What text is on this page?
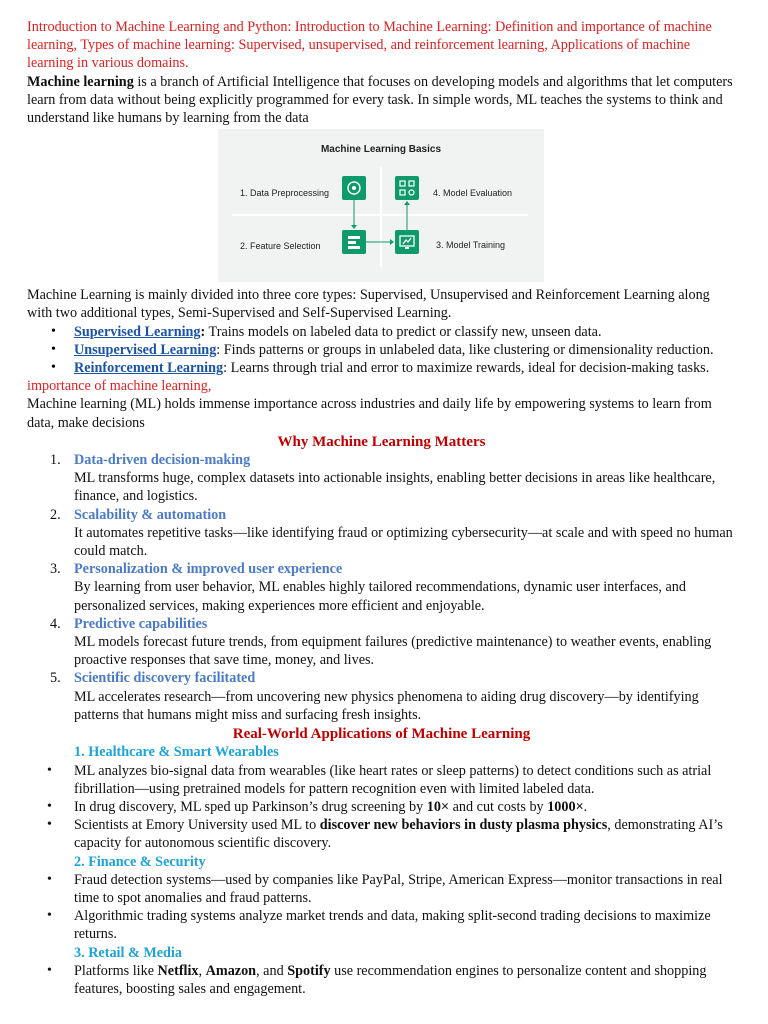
Introduction to Machine Learning and Python: Introduction to Machine Learning: Definition and importance of machine learning, Types of machine learning: Supervised, unsupervised, and reinforcement learning, Applications of machine learning in various domains.

Machine learning is a branch of Artificial Intelligence that focuses on developing models and algorithms that let computers learn from data without being explicitly programmed for every task. In simple words, ML teaches the systems to think and understand like humans by learning from the data

Machine Learning Basics
1. Data Preprocessing	4. Model Evaluation
2. Feature Selection	3. Model Training

Machine Learning is mainly divided into three core types: Supervised, Unsupervised and Reinforcement Learning along with two additional types, Semi-Supervised and Self-Supervised Learning.

• Supervised Learning: Trains models on labeled data to predict or classify new, unseen data.
• Unsupervised Learning: Finds patterns or groups in unlabeled data, like clustering or dimensionality reduction.
• Reinforcement Learning: Learns through trial and error to maximize rewards, ideal for decision-making tasks.

importance of machine learning,

Machine learning (ML) holds immense importance across industries and daily life by empowering systems to learn from data, make decisions

Why Machine Learning Matters

1. Data-driven decision-making
ML transforms huge, complex datasets into actionable insights, enabling better decisions in areas like healthcare, finance, and logistics.
2. Scalability & automation
It automates repetitive tasks—like identifying fraud or optimizing cybersecurity—at scale and with speed no human could match.
3. Personalization & improved user experience
By learning from user behavior, ML enables highly tailored recommendations, dynamic user interfaces, and personalized services, making experiences more efficient and enjoyable.
4. Predictive capabilities
ML models forecast future trends, from equipment failures (predictive maintenance) to weather events, enabling proactive responses that save time, money, and lives.
5. Scientific discovery facilitated
ML accelerates research—from uncovering new physics phenomena to aiding drug discovery—by identifying patterns that humans might miss and surfacing fresh insights.

Real-World Applications of Machine Learning

1. Healthcare & Smart Wearables
• ML analyzes bio-signal data from wearables (like heart rates or sleep patterns) to detect conditions such as atrial fibrillation—using pretrained models for pattern recognition even with limited labeled data.
• In drug discovery, ML sped up Parkinson’s drug screening by 10× and cut costs by 1000×.
• Scientists at Emory University used ML to discover new behaviors in dusty plasma physics, demonstrating AI’s capacity for autonomous scientific discovery.
2. Finance & Security
• Fraud detection systems—used by companies like PayPal, Stripe, American Express—monitor transactions in real time to spot anomalies and fraud patterns.
• Algorithmic trading systems analyze market trends and data, making split-second trading decisions to maximize returns.
3. Retail & Media
• Platforms like Netflix, Amazon, and Spotify use recommendation engines to personalize content and shopping features, boosting sales and engagement.
